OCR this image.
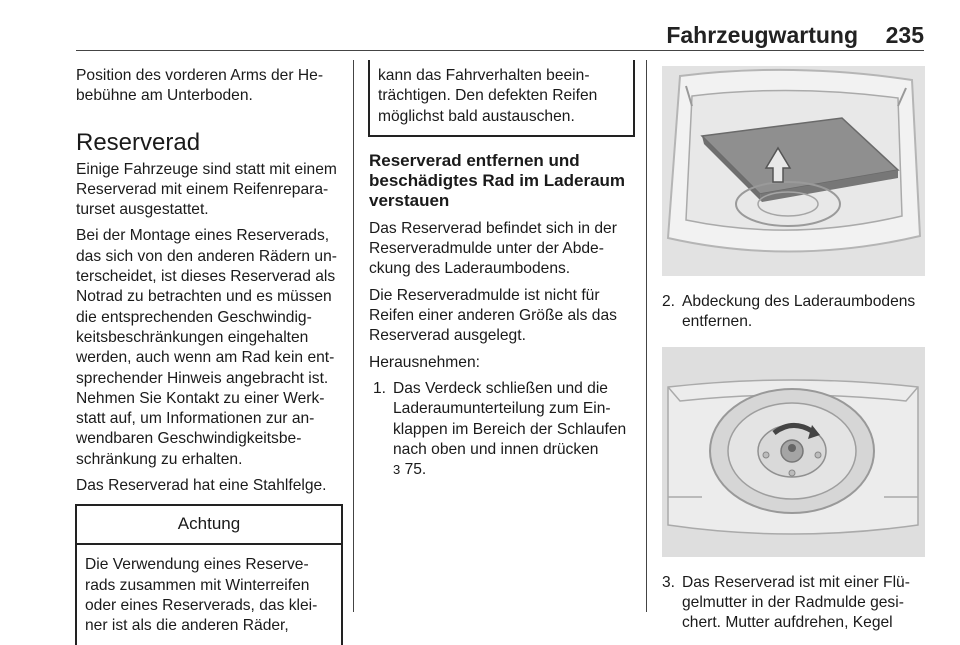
Fahrzeugwartung 235

Position des vorderen Arms der Hebebühne am Unterboden.

Reserverad

Einige Fahrzeuge sind statt mit einem Reserverad mit einem Reifenreparaturset ausgestattet.

Bei der Montage eines Reserverads, das sich von den anderen Rädern unterscheidet, ist dieses Reserverad als Notrad zu betrachten und es müssen die entsprechenden Geschwindigkeitsbeschränkungen eingehalten werden, auch wenn am Rad kein entsprechender Hinweis angebracht ist. Nehmen Sie Kontakt zu einer Werkstatt auf, um Informationen zur anwendbaren Geschwindigkeitsbeschränkung zu erhalten.

Das Reserverad hat eine Stahlfelge.

Achtung
Die Verwendung eines Reserverads zusammen mit Winterreifen oder eines Reserverads, das kleiner ist als die anderen Räder,
kann das Fahrverhalten beeinträchtigen. Den defekten Reifen möglichst bald austauschen.
Reserverad entfernen und beschädigtes Rad im Laderaum verstauen

Das Reserverad befindet sich in der Reserveradmulde unter der Abdeckung des Laderaumbodens.

Die Reserveradmulde ist nicht für Reifen einer anderen Größe als das Reserverad ausgelegt.

Herausnehmen:

1. Das Verdeck schließen und die Laderaumunterteilung zum Einklappen im Bereich der Schlaufen nach oben und innen drücken
3 75.
2. Abdeckung des Laderaumbodens entfernen.
3. Das Reserverad ist mit einer Flügelmutter in der Radmulde gesichert. Mutter aufdrehen, Kegel
